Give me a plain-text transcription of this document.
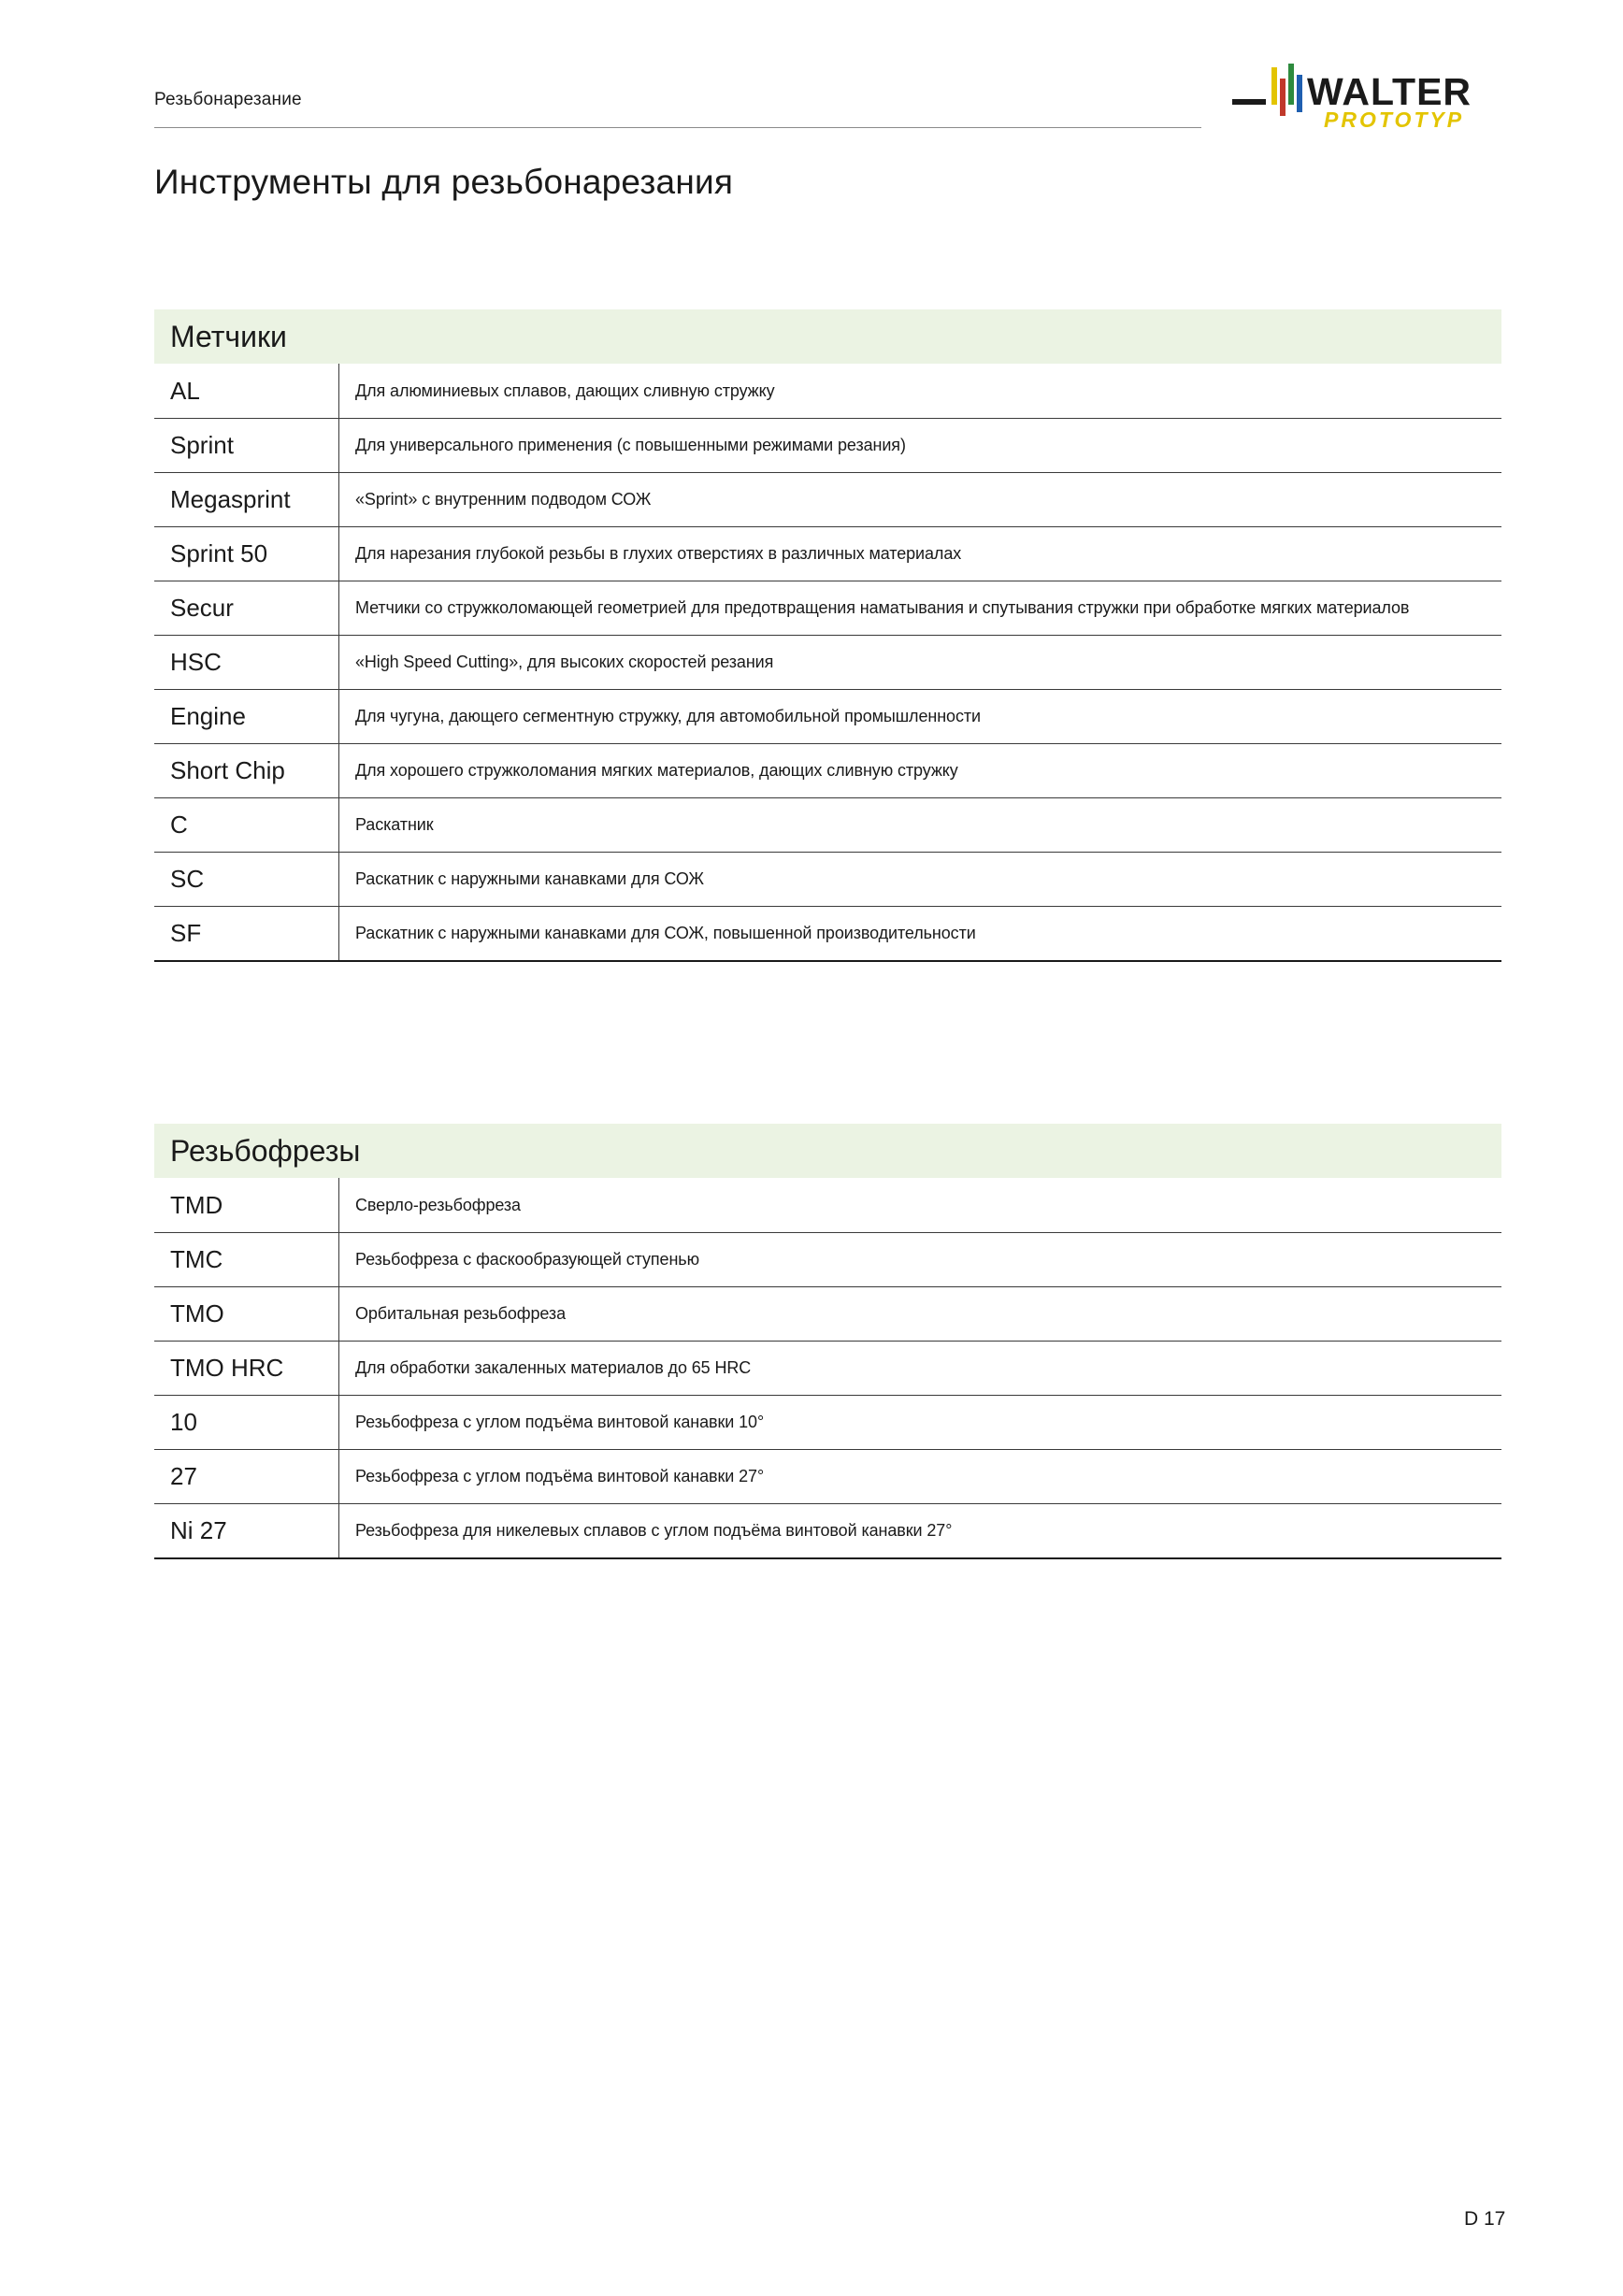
Резьбонарезание	WALTER
PROTOTYP
Инструменты для резьбонарезания
Метчики
AL	Для алюминиевых сплавов, дающих сливную стружку
Sprint	Для универсального применения (с повышенными режимами резания)
Megasprint	«Sprint» с внутренним подводом СОЖ
Sprint 50	Для нарезания глубокой резьбы в глухих отверстиях в различных материалах
Secur	Метчики со стружколомающей геометрией для предотвращения наматывания и спутывания стружки при обработке мягких материалов
HSC	«High Speed Cutting», для высоких скоростей резания
Engine	Для чугуна, дающего сегментную стружку, для автомобильной промышленности
Short Chip	Для хорошего стружколомания мягких материалов, дающих сливную стружку
C	Раскатник
SC	Раскатник с наружными канавками для СОЖ
SF	Раскатник с наружными канавками для СОЖ, повышенной производительности
Резьбофрезы
TMD	Сверло-резьбофреза
TMC	Резьбофреза с фаскообразующей ступенью
TMO	Орбитальная резьбофреза
TMO HRC	Для обработки закаленных материалов до 65 HRC
10	Резьбофреза с углом подъёма винтовой канавки 10°
27	Резьбофреза с углом подъёма винтовой канавки 27°
Ni 27	Резьбофреза для никелевых сплавов с углом подъёма винтовой канавки 27°
D 17
